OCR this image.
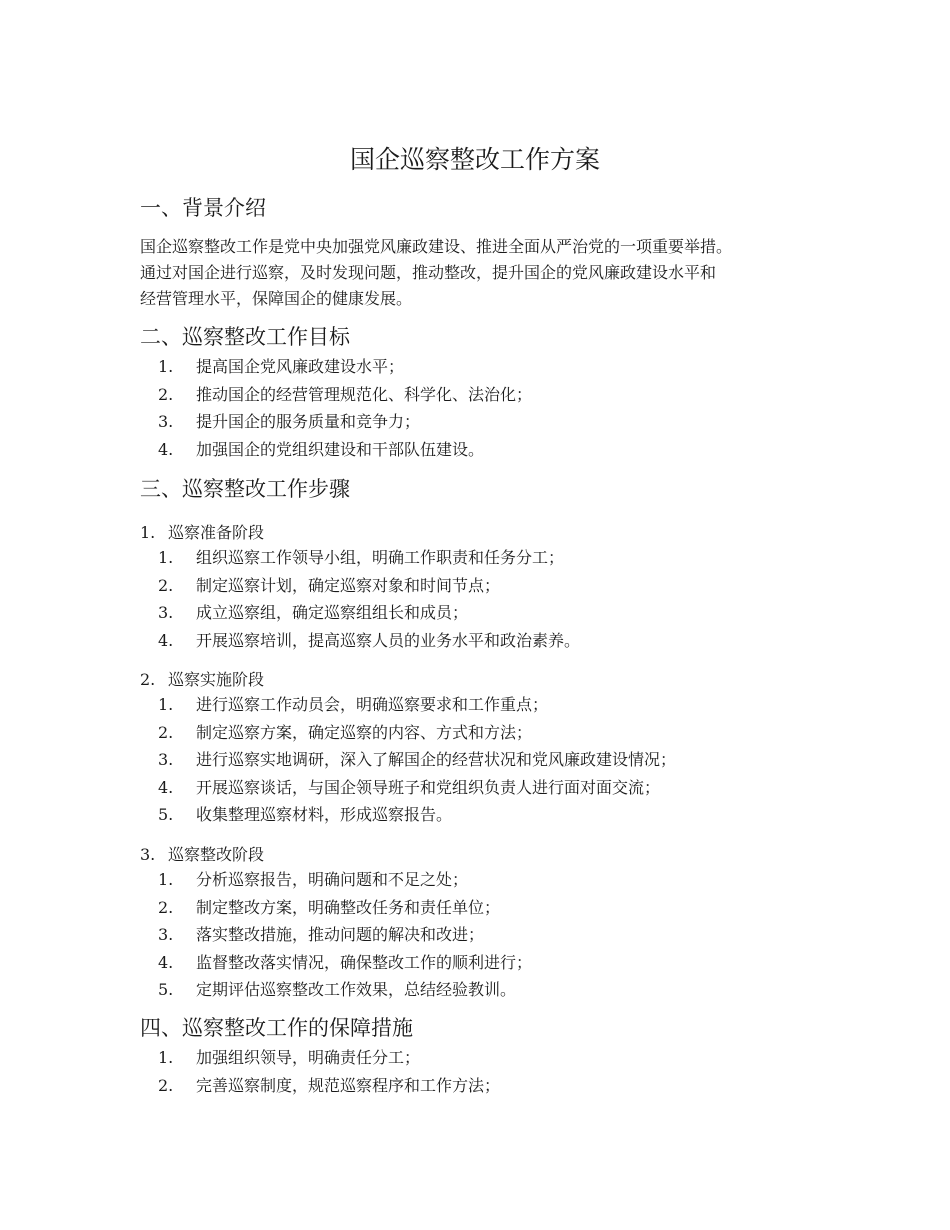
国企巡察整改工作方案
一、背景介绍

国企巡察整改工作是党中央加强党风廉政建设、推进全面从严治党的一项重要举措。

通过对国企进行巡察，及时发现问题，推动整改，提升国企的党风廉政建设水平和

经营管理水平，保障国企的健康发展。

二、巡察整改工作目标
1.	提高国企党风廉政建设水平；
2.	推动国企的经营管理规范化、科学化、法治化；
3.	提升国企的服务质量和竞争力；
4.	加强国企的党组织建设和干部队伍建设。
三、巡察整改工作步骤

1. 巡察准备阶段

1.	组织巡察工作领导小组，明确工作职责和任务分工；
2.	制定巡察计划，确定巡察对象和时间节点；
3.	成立巡察组，确定巡察组组长和成员；
4.	开展巡察培训，提高巡察人员的业务水平和政治素养。

2. 巡察实施阶段

1.	进行巡察工作动员会，明确巡察要求和工作重点；
2.	制定巡察方案，确定巡察的内容、方式和方法；
3.	进行巡察实地调研，深入了解国企的经营状况和党风廉政建设情况；
4.	开展巡察谈话，与国企领导班子和党组织负责人进行面对面交流；
5.	收集整理巡察材料，形成巡察报告。

3. 巡察整改阶段

1.	分析巡察报告，明确问题和不足之处；
2.	制定整改方案，明确整改任务和责任单位；
3.	落实整改措施，推动问题的解决和改进；
4.	监督整改落实情况，确保整改工作的顺利进行；
5.	定期评估巡察整改工作效果，总结经验教训。
四、巡察整改工作的保障措施
1.	加强组织领导，明确责任分工；
2.	完善巡察制度，规范巡察程序和工作方法；
